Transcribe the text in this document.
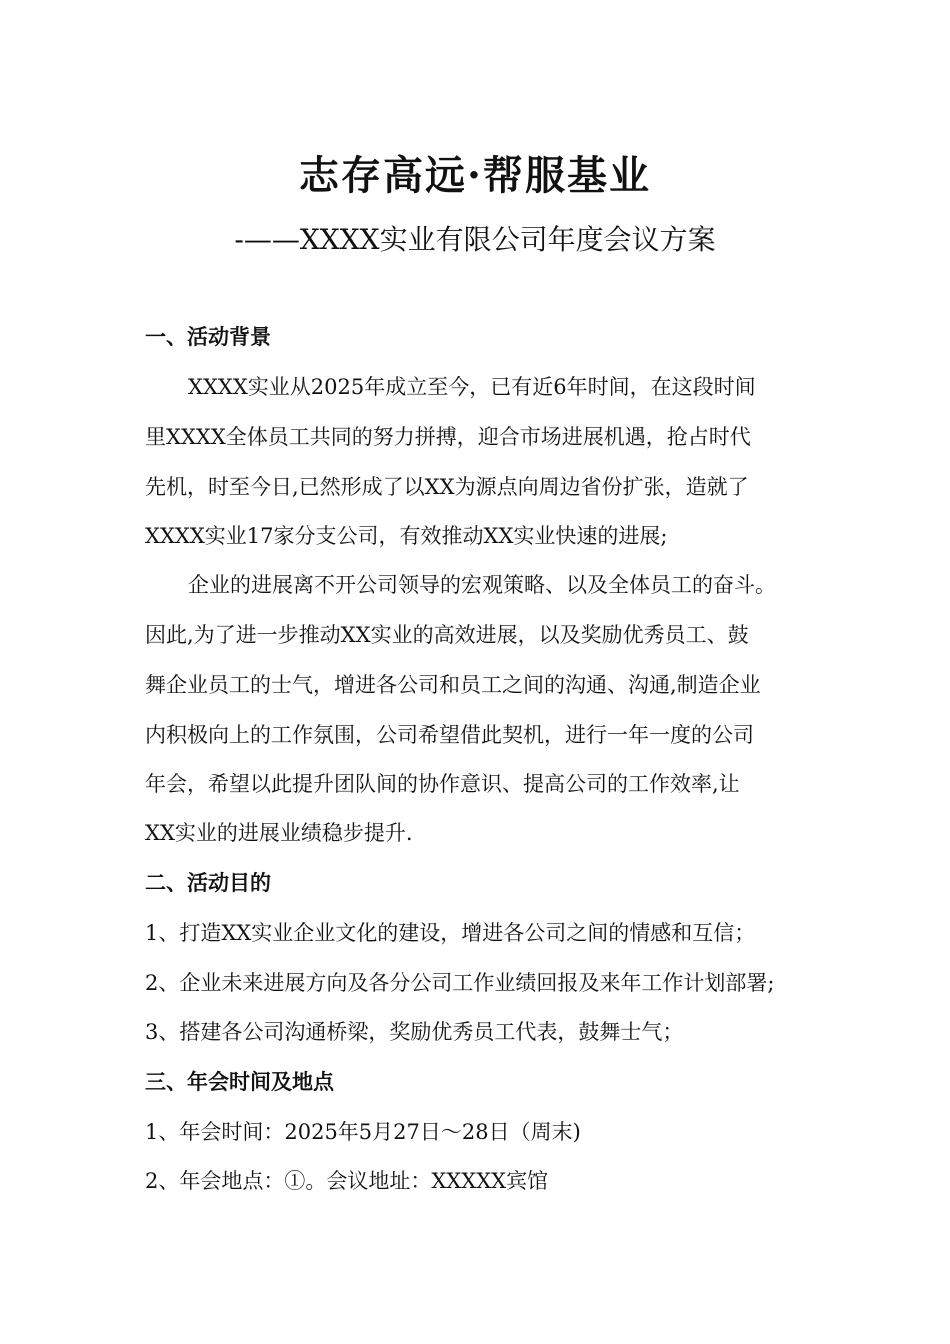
志存高远·帮服基业
-——XXXX实业有限公司年度会议方案
一、活动背景
XXXX实业从2025年成立至今，已有近6年时间，在这段时间
里XXXX全体员工共同的努力拼搏，迎合市场进展机遇，抢占时代
先机，时至今日,已然形成了以XX为源点向周边省份扩张，造就了
XXXX实业17家分支公司，有效推动XX实业快速的进展;
企业的进展离不开公司领导的宏观策略、以及全体员工的奋斗。
因此,为了进一步推动XX实业的高效进展，以及奖励优秀员工、鼓
舞企业员工的士气，增进各公司和员工之间的沟通、沟通,制造企业
内积极向上的工作氛围，公司希望借此契机，进行一年一度的公司
年会，希望以此提升团队间的协作意识、提高公司的工作效率,让
XX实业的进展业绩稳步提升.
二、活动目的
1、打造XX实业企业文化的建设，增进各公司之间的情感和互信；
2、企业未来进展方向及各分公司工作业绩回报及来年工作计划部署;
3、搭建各公司沟通桥梁，奖励优秀员工代表，鼓舞士气；
三、年会时间及地点
1、年会时间：2025年5月27日～28日（周末)
2、年会地点：①。会议地址：XXXXX宾馆
